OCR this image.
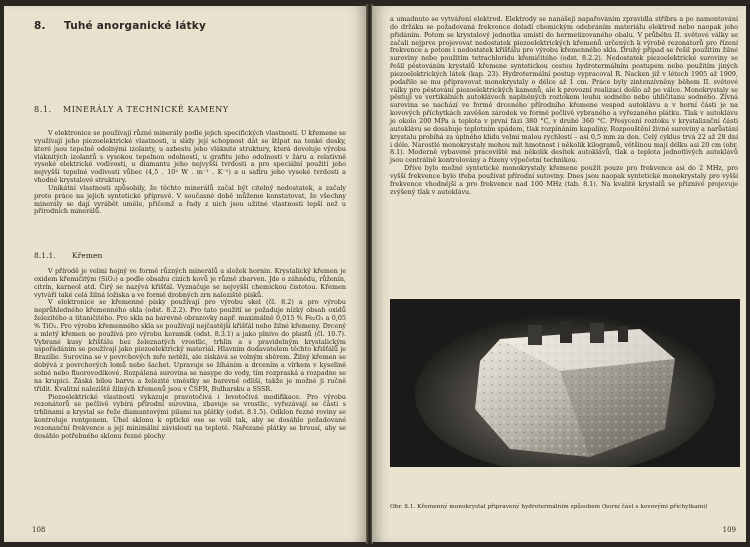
8. Tuhé anorganické látky
8.1. MINERÁLY A TECHNICKÉ KAMENY

V elektronice se používají různé minerály podle jejich specifických vlastností. U křemene se využívají jeho piezoelektrické vlastnosti, u slídy její schopnost dát se štípat na tenké desky, které jsou tepelně odolnými izolanty, u azbestu jeho vláknité struktury, která dovoluje výrobu vláknitých izolantů s vysokou tepelnou odolností, u grafitu jeho odolnosti v žáru a relativně vysoké elektrické vodivosti, u diamantu jeho nejvyšší tvrdosti a pro speciální použití jeho nejvyšší tepelné vodivosti vůbec (4,5 . 10² W . m⁻¹ . K⁻¹) a u safíru jeho vysoké tvrdosti a vhodné krystalové struktury.

Unikátní vlastnosti způsobily, že těchto minerálů začal být citelný nedostatek, a začaly proto práce na jejich syntetické přípravě. V současné době můžeme konstatovat, že všechny minerály se dají vyrábět uměle, přičemž a řady z nich jsou užitné vlastnosti lepší než u přírodních minerálů.

8.1.1. Křemen

V přírodě je velmi hojný ve formě různých minerálů a složek hornin. Krystalický křemen je oxidem křemičitým (SiO₂) a podle obsahu cizích kovů je různě zbarven. Jde o záhnědu, růženín, citrín, karneol atd. Čirý se nazývá křišťál. Vyznačuje se nejvyšší chemickou čistotou. Křemen vytváří také celá žilná ložiska a ve formě drobných zrn naleziště písků.

V elektronice se křemenné písky používají pro výrobu skel (čl. 8.2) a pro výrobu neprůhledného křemenného skla (odst. 8.2.2). Pro tato použití se požaduje nízký obsah oxidů železitého a titaničitého. Pro skla na barevné obrazovky např. maximálně 0,015 % Fe₂O₃ a 0,05 % TiO₂. Pro výrobu křemenného skla se používají nejčastější křišťál nebo žilné křemeny. Drcený a mletý křemen se používá pro výrobu keramik (odst. 8.3.1) a jako plnivo do plastů (čl. 10.7). Vybrané kusy křišťálu bez železnatých vrostlic, trhlin a s pravidelným krystalickým uspořádáním se používají jako piezoelektrický materiál. Hlavním dodavatelem těchto křišťálů je Brazílie. Surovina se v povrchových mře netěží, ale získává se volným sběrem. Žilný křemen se dobývá z povrchových lomů nebo šachet. Upravuje se žíháním a drcením a vírkem v kyselině solné nebo fluorovodíkové. Rozpálená surovina se nasype do vody, tím rozpraská a rozpadne se na krupici. Žáská bílou barvu a železité vměstky se barevně odliší, takže je možné ji ručně třídit. Kvalitní naleziště žilných křemenů jsou v ČSFR, Bulharsku a SSSR.

Piezoelektrické vlastnosti vykazuje pravotočivá i levotočivá modifikace. Pro výrobu rezonátorů se pečlivě vybírá přírodní surovina, zbavuje se vrostlic, vyřezávají se části s trhlinami a krystal se řeže diamantovými pilami na plátky (odst. 8.1.5). Odklon řezné roviny se kontroluje rentgenem. Úhel sklonu k optické ose se volí tak, aby se dosáhlo požadované rezonanční frekvence a její minimální závislosti na teplotě. Nařezané plátky se brousí, aby se dosáhlo potřebného sklonu řezné plochy

108

a umadnuto se vytváření elektrod. Elektrody se nanášejí napařováním zpravidla stříbra a po namontování do držáku se požadovaná frekvence doladí chemickým odebráním materiálu elektrod nebo naopak jeho přidáním. Potom se krystalový jednotka umístí do hermetizovaného obalu. V průběhu II. světové války se začali nejprve projevovat nedostatek piezoelektrických křemenů určených k výrobě rezonátorů pro řízení frekvence a potom i nedostatek křišťálu pro výrobu křemenného skla. Druhý případ se řešil použitím žilné suroviny nebo použitím tetrachloridu křemičitého (odst. 8.2.2). Nedostatek piezoelektrické suroviny se řešil pěstováním krystalů křemene syntetickou cestou hydrotermálním postupem nebo použitím jiných piezoelektrických látek (kap. 23). Hydrotermální postup vypracoval R. Nacken již v létech 1905 až 1909, podařilo se mu připravovat monokrystaly o délce až 1 cm. Práce byly zintenzívněny během II. světové války pro pěstování piezoelektrických kamenů, ale k provozní realizaci došlo až po válce. Monokrystaly se pěstují ve vertikálních autoklávech naplněných roztokem louhu sodného nebo uhličitanu sodného. Živná surovina se nachází ve formě drceného přírodního křemene vespod autoklávu a v horní části je na kovových příchytkách zavěšen zárodek ve formě pečlivě vybraného a vyřezaného plátku. Tlak v autoklávu je okolo 200 MPa a teplota v první fázi 380 °C, v druhé 360 °C. Přesycení roztoku v krystalizační části autoklávu se dosahuje teplotním spádem, tlak rozpínáním kapaliny. Rozpouštění živné suroviny a narůstání krystalu probíhá za úplného klidu velmi malou rychlostí – asi 0,5 mm za den. Celý cyklus trvá 22 až 28 dní i déle. Narostlé monokrystaly mohou mít hmotnost i několik kilogramů, většinou mají délku asi 20 cm (obr. 8.1). Moderně vybavené pracoviště má několik desítek autoklávů, tlak a teplota jednotlivých autoklávů jsou centrálně kontrolovány a řízeny výpočetní technikou.

Dříve bylo možné syntetické monokrystaly křemene použít pouze pro frekvence asi do 2 MHz, pro vyšší frekvence bylo třeba používat přírodní sutoviny. Dnes jsou naopak syntetické monokrystaly pro vyšší frekvence vhodnější a pro frekvence nad 100 MHz (tab. 8.1). Na kvalitě krystalů se příznivě projevuje zvýšený tlak v autoklávu.

Obr. 8.1. Křemenný monokrystal připravený hydrotermálním způsobem (horní část s kovovými příchytkami)
109
